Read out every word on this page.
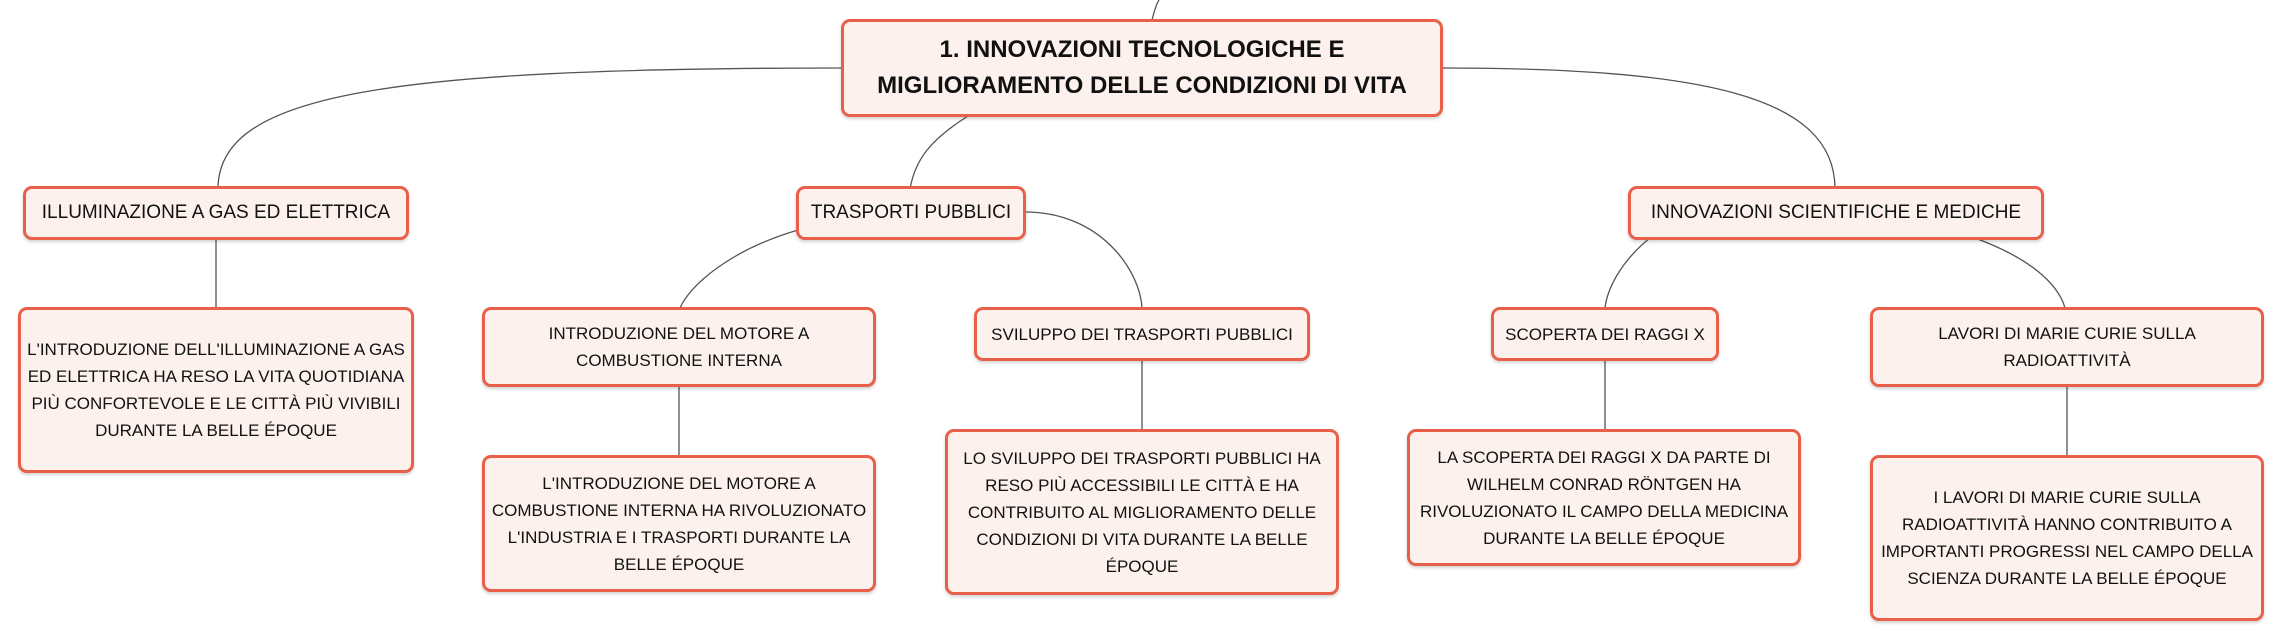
1. INNOVAZIONI TECNOLOGICHE E MIGLIORAMENTO DELLE CONDIZIONI DI VITA
ILLUMINAZIONE A GAS ED ELETTRICA
L'INTRODUZIONE DELL'ILLUMINAZIONE A GAS ED ELETTRICA HA RESO LA VITA QUOTIDIANA PIÙ CONFORTEVOLE E LE CITTÀ PIÙ VIVIBILI DURANTE LA BELLE ÉPOQUE
TRASPORTI PUBBLICI
INTRODUZIONE DEL MOTORE A COMBUSTIONE INTERNA
L'INTRODUZIONE DEL MOTORE A COMBUSTIONE INTERNA HA RIVOLUZIONATO L'INDUSTRIA E I TRASPORTI DURANTE LA BELLE ÉPOQUE
SVILUPPO DEI TRASPORTI PUBBLICI
LO SVILUPPO DEI TRASPORTI PUBBLICI HA RESO PIÙ ACCESSIBILI LE CITTÀ E HA CONTRIBUITO AL MIGLIORAMENTO DELLE CONDIZIONI DI VITA DURANTE LA BELLE ÉPOQUE
INNOVAZIONI SCIENTIFICHE E MEDICHE
SCOPERTA DEI RAGGI X
LA SCOPERTA DEI RAGGI X DA PARTE DI WILHELM CONRAD RÖNTGEN HA RIVOLUZIONATO IL CAMPO DELLA MEDICINA DURANTE LA BELLE ÉPOQUE
LAVORI DI MARIE CURIE SULLA RADIOATTIVITÀ
I LAVORI DI MARIE CURIE SULLA RADIOATTIVITÀ HANNO CONTRIBUITO A IMPORTANTI PROGRESSI NEL CAMPO DELLA SCIENZA DURANTE LA BELLE ÉPOQUE
